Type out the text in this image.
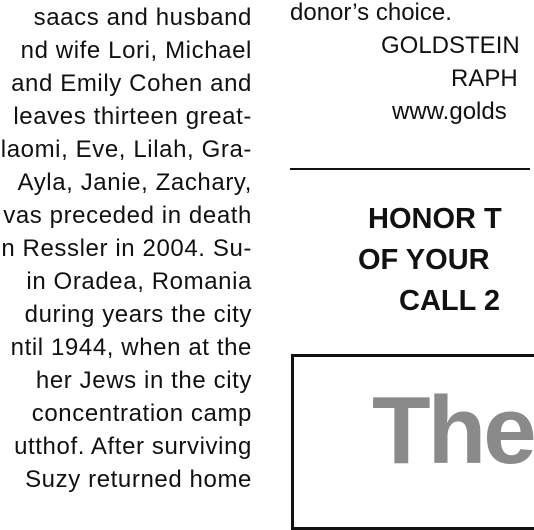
saacs and husband
nd wife Lori, Michael
and Emily Cohen and
leaves thirteen great-
laomi, Eve, Lilah, Gra-
Ayla, Janie, Zachary,
vas preceded in death
n Ressler in 2004. Su-
in Oradea, Romania
during years the city
ntil 1944, when at the
her Jews in the city
concentration camp
utthof. After surviving
Suzy returned home
donor’s choice.
GOLDSTEIN
RAPH
www.golds
HONOR T
OF YOUR
CALL 2
The
